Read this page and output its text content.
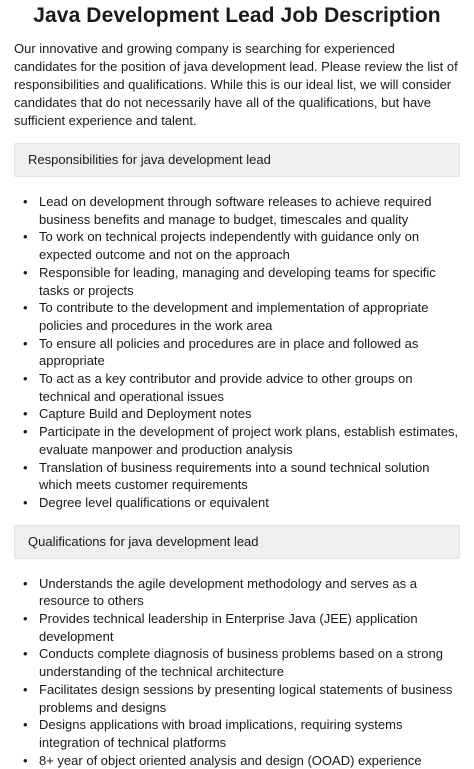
Java Development Lead Job Description

Our innovative and growing company is searching for experienced candidates for the position of java development lead. Please review the list of responsibilities and qualifications. While this is our ideal list, we will consider candidates that do not necessarily have all of the qualifications, but have sufficient experience and talent.

Responsibilities for java development lead
• Lead on development through software releases to achieve required business benefits and manage to budget, timescales and quality
• To work on technical projects independently with guidance only on expected outcome and not on the approach
• Responsible for leading, managing and developing teams for specific tasks or projects
• To contribute to the development and implementation of appropriate policies and procedures in the work area
• To ensure all policies and procedures are in place and followed as appropriate
• To act as a key contributor and provide advice to other groups on technical and operational issues
• Capture Build and Deployment notes
• Participate in the development of project work plans, establish estimates, evaluate manpower and production analysis
• Translation of business requirements into a sound technical solution which meets customer requirements
• Degree level qualifications or equivalent
Qualifications for java development lead
• Understands the agile development methodology and serves as a resource to others
• Provides technical leadership in Enterprise Java (JEE) application development
• Conducts complete diagnosis of business problems based on a strong understanding of the technical architecture
• Facilitates design sessions by presenting logical statements of business problems and designs
• Designs applications with broad implications, requiring systems integration of technical platforms
• 8+ year of object oriented analysis and design (OOAD) experience
